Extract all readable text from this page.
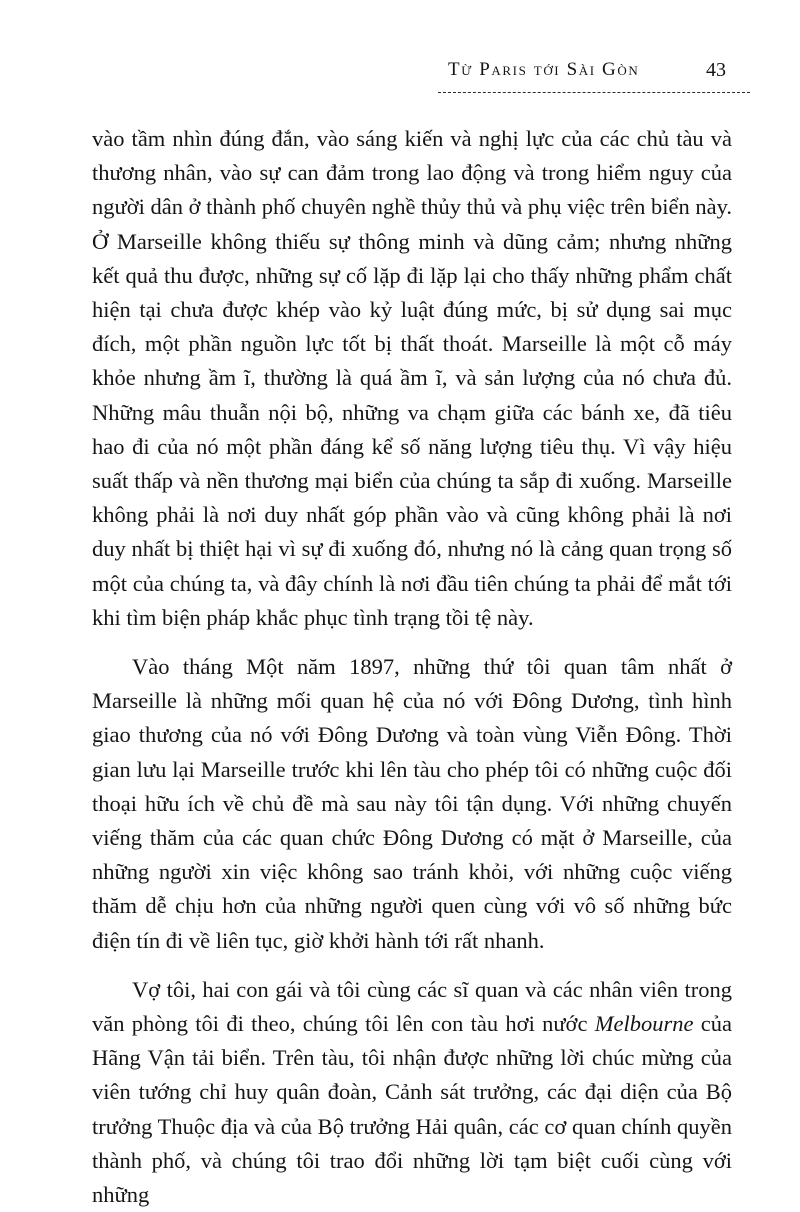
Từ Paris tới Sài Gòn	43

vào tầm nhìn đúng đắn, vào sáng kiến và nghị lực của các chủ tàu và thương nhân, vào sự can đảm trong lao động và trong hiểm nguy của người dân ở thành phố chuyên nghề thủy thủ và phụ việc trên biển này. Ở Marseille không thiếu sự thông minh và dũng cảm; nhưng những kết quả thu được, những sự cố lặp đi lặp lại cho thấy những phẩm chất hiện tại chưa được khép vào kỷ luật đúng mức, bị sử dụng sai mục đích, một phần nguồn lực tốt bị thất thoát. Marseille là một cỗ máy khỏe nhưng ầm ĩ, thường là quá ầm ĩ, và sản lượng của nó chưa đủ. Những mâu thuẫn nội bộ, những va chạm giữa các bánh xe, đã tiêu hao đi của nó một phần đáng kể số năng lượng tiêu thụ. Vì vậy hiệu suất thấp và nền thương mại biển của chúng ta sắp đi xuống. Marseille không phải là nơi duy nhất góp phần vào và cũng không phải là nơi duy nhất bị thiệt hại vì sự đi xuống đó, nhưng nó là cảng quan trọng số một của chúng ta, và đây chính là nơi đầu tiên chúng ta phải để mắt tới khi tìm biện pháp khắc phục tình trạng tồi tệ này.

Vào tháng Một năm 1897, những thứ tôi quan tâm nhất ở Marseille là những mối quan hệ của nó với Đông Dương, tình hình giao thương của nó với Đông Dương và toàn vùng Viễn Đông. Thời gian lưu lại Marseille trước khi lên tàu cho phép tôi có những cuộc đối thoại hữu ích về chủ đề mà sau này tôi tận dụng. Với những chuyến viếng thăm của các quan chức Đông Dương có mặt ở Marseille, của những người xin việc không sao tránh khỏi, với những cuộc viếng thăm dễ chịu hơn của những người quen cùng với vô số những bức điện tín đi về liên tục, giờ khởi hành tới rất nhanh.

Vợ tôi, hai con gái và tôi cùng các sĩ quan và các nhân viên trong văn phòng tôi đi theo, chúng tôi lên con tàu hơi nước Melbourne của Hãng Vận tải biển. Trên tàu, tôi nhận được những lời chúc mừng của viên tướng chỉ huy quân đoàn, Cảnh sát trưởng, các đại diện của Bộ trưởng Thuộc địa và của Bộ trưởng Hải quân, các cơ quan chính quyền thành phố, và chúng tôi trao đổi những lời tạm biệt cuối cùng với những
